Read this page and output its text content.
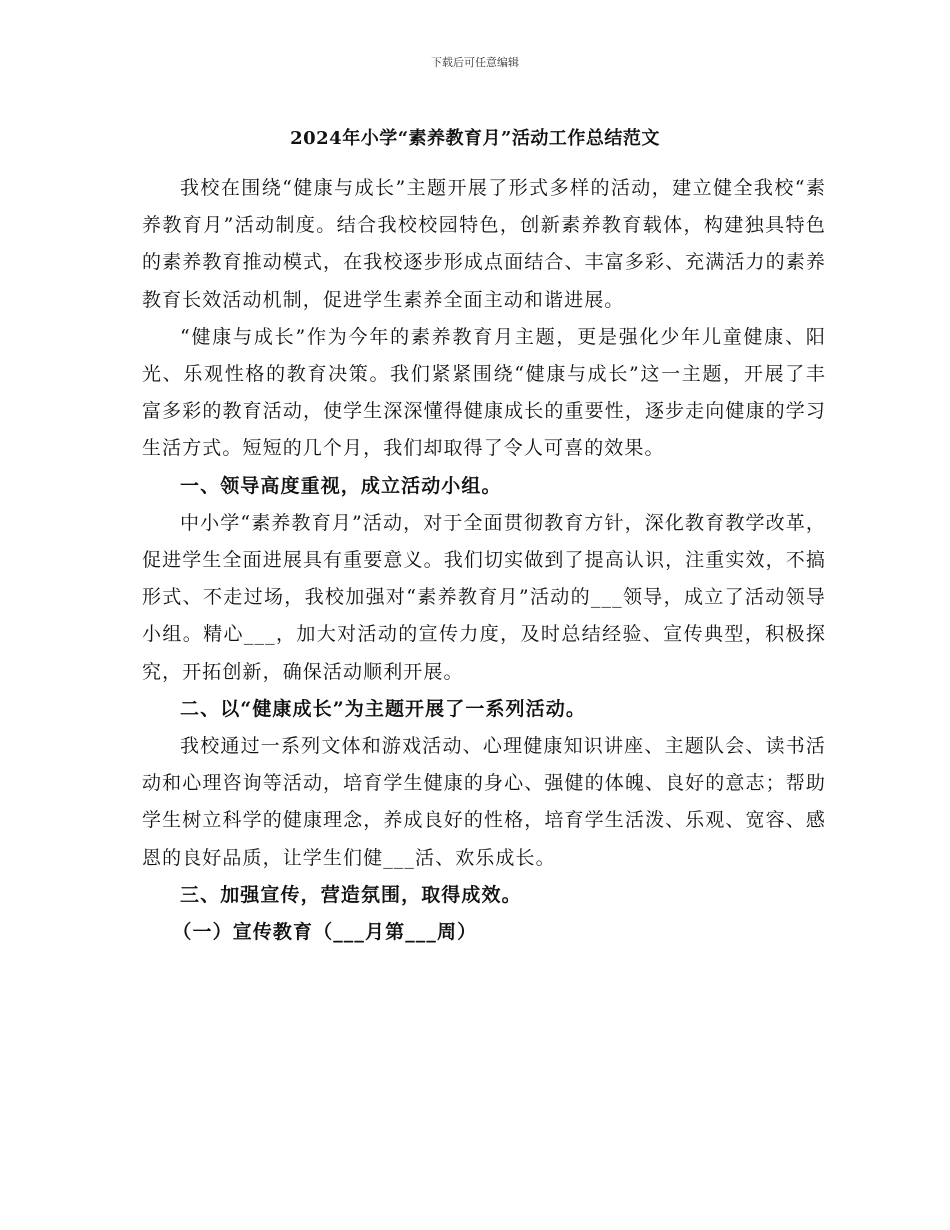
下载后可任意编辑
2024年小学“素养教育月”活动工作总结范文

我校在围绕“健康与成长”主题开展了形式多样的活动，建立健全我校“素养教育月”活动制度。结合我校校园特色，创新素养教育载体，构建独具特色的素养教育推动模式，在我校逐步形成点面结合、丰富多彩、充满活力的素养教育长效活动机制，促进学生素养全面主动和谐进展。

“健康与成长”作为今年的素养教育月主题，更是强化少年儿童健康、阳光、乐观性格的教育决策。我们紧紧围绕“健康与成长”这一主题，开展了丰富多彩的教育活动，使学生深深懂得健康成长的重要性，逐步走向健康的学习生活方式。短短的几个月，我们却取得了令人可喜的效果。

一、领导高度重视，成立活动小组。

中小学“素养教育月”活动，对于全面贯彻教育方针，深化教育教学改革，促进学生全面进展具有重要意义。我们切实做到了提高认识，注重实效，不搞形式、不走过场，我校加强对“素养教育月”活动的___领导，成立了活动领导小组。精心___，加大对活动的宣传力度，及时总结经验、宣传典型，积极探究，开拓创新，确保活动顺利开展。

二、以“健康成长”为主题开展了一系列活动。

我校通过一系列文体和游戏活动、心理健康知识讲座、主题队会、读书活动和心理咨询等活动，培育学生健康的身心、强健的体魄、良好的意志；帮助学生树立科学的健康理念，养成良好的性格，培育学生活泼、乐观、宽容、感恩的良好品质，让学生们健___活、欢乐成长。

三、加强宣传，营造氛围，取得成效。

（一）宣传教育（___月第___周）
